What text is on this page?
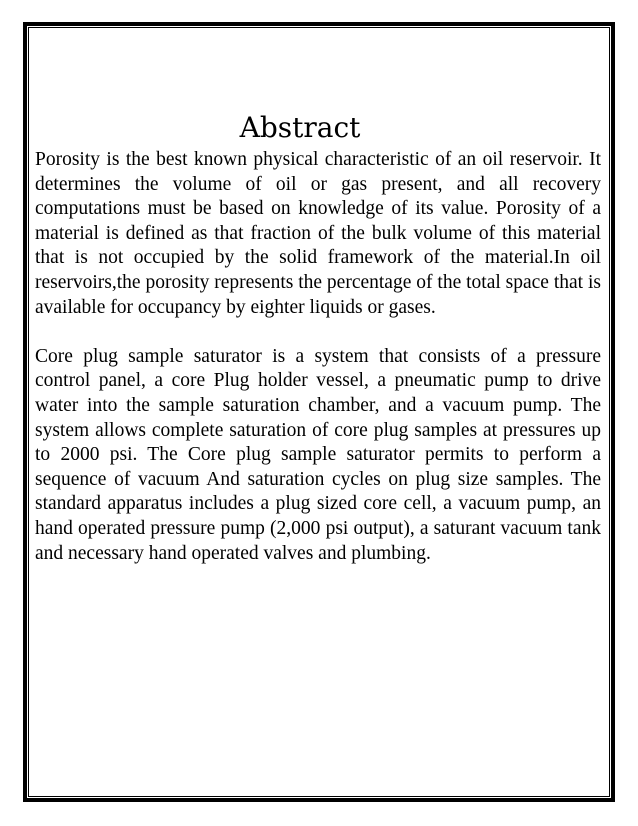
Abstract

Porosity is the best known physical characteristic of an oil reservoir. It determines the volume of oil or gas present, and all recovery computations must be based on knowledge of its value. Porosity of a material is defined as that fraction of the bulk volume of this material that is not occupied by the solid framework of the material.In oil reservoirs,the porosity represents the percentage of the total space that is available for occupancy by eighter liquids or gases.

Core plug sample saturator is a system that consists of a pressure control panel, a core Plug holder vessel, a pneumatic pump to drive water into the sample saturation chamber, and a vacuum pump. The system allows complete saturation of core plug samples at pressures up to 2000 psi. The Core plug sample saturator permits to perform a sequence of vacuum And saturation cycles on plug size samples. The standard apparatus includes a plug sized core cell, a vacuum pump, an hand operated pressure pump (2,000 psi output), a saturant vacuum tank and necessary hand operated valves and plumbing.
